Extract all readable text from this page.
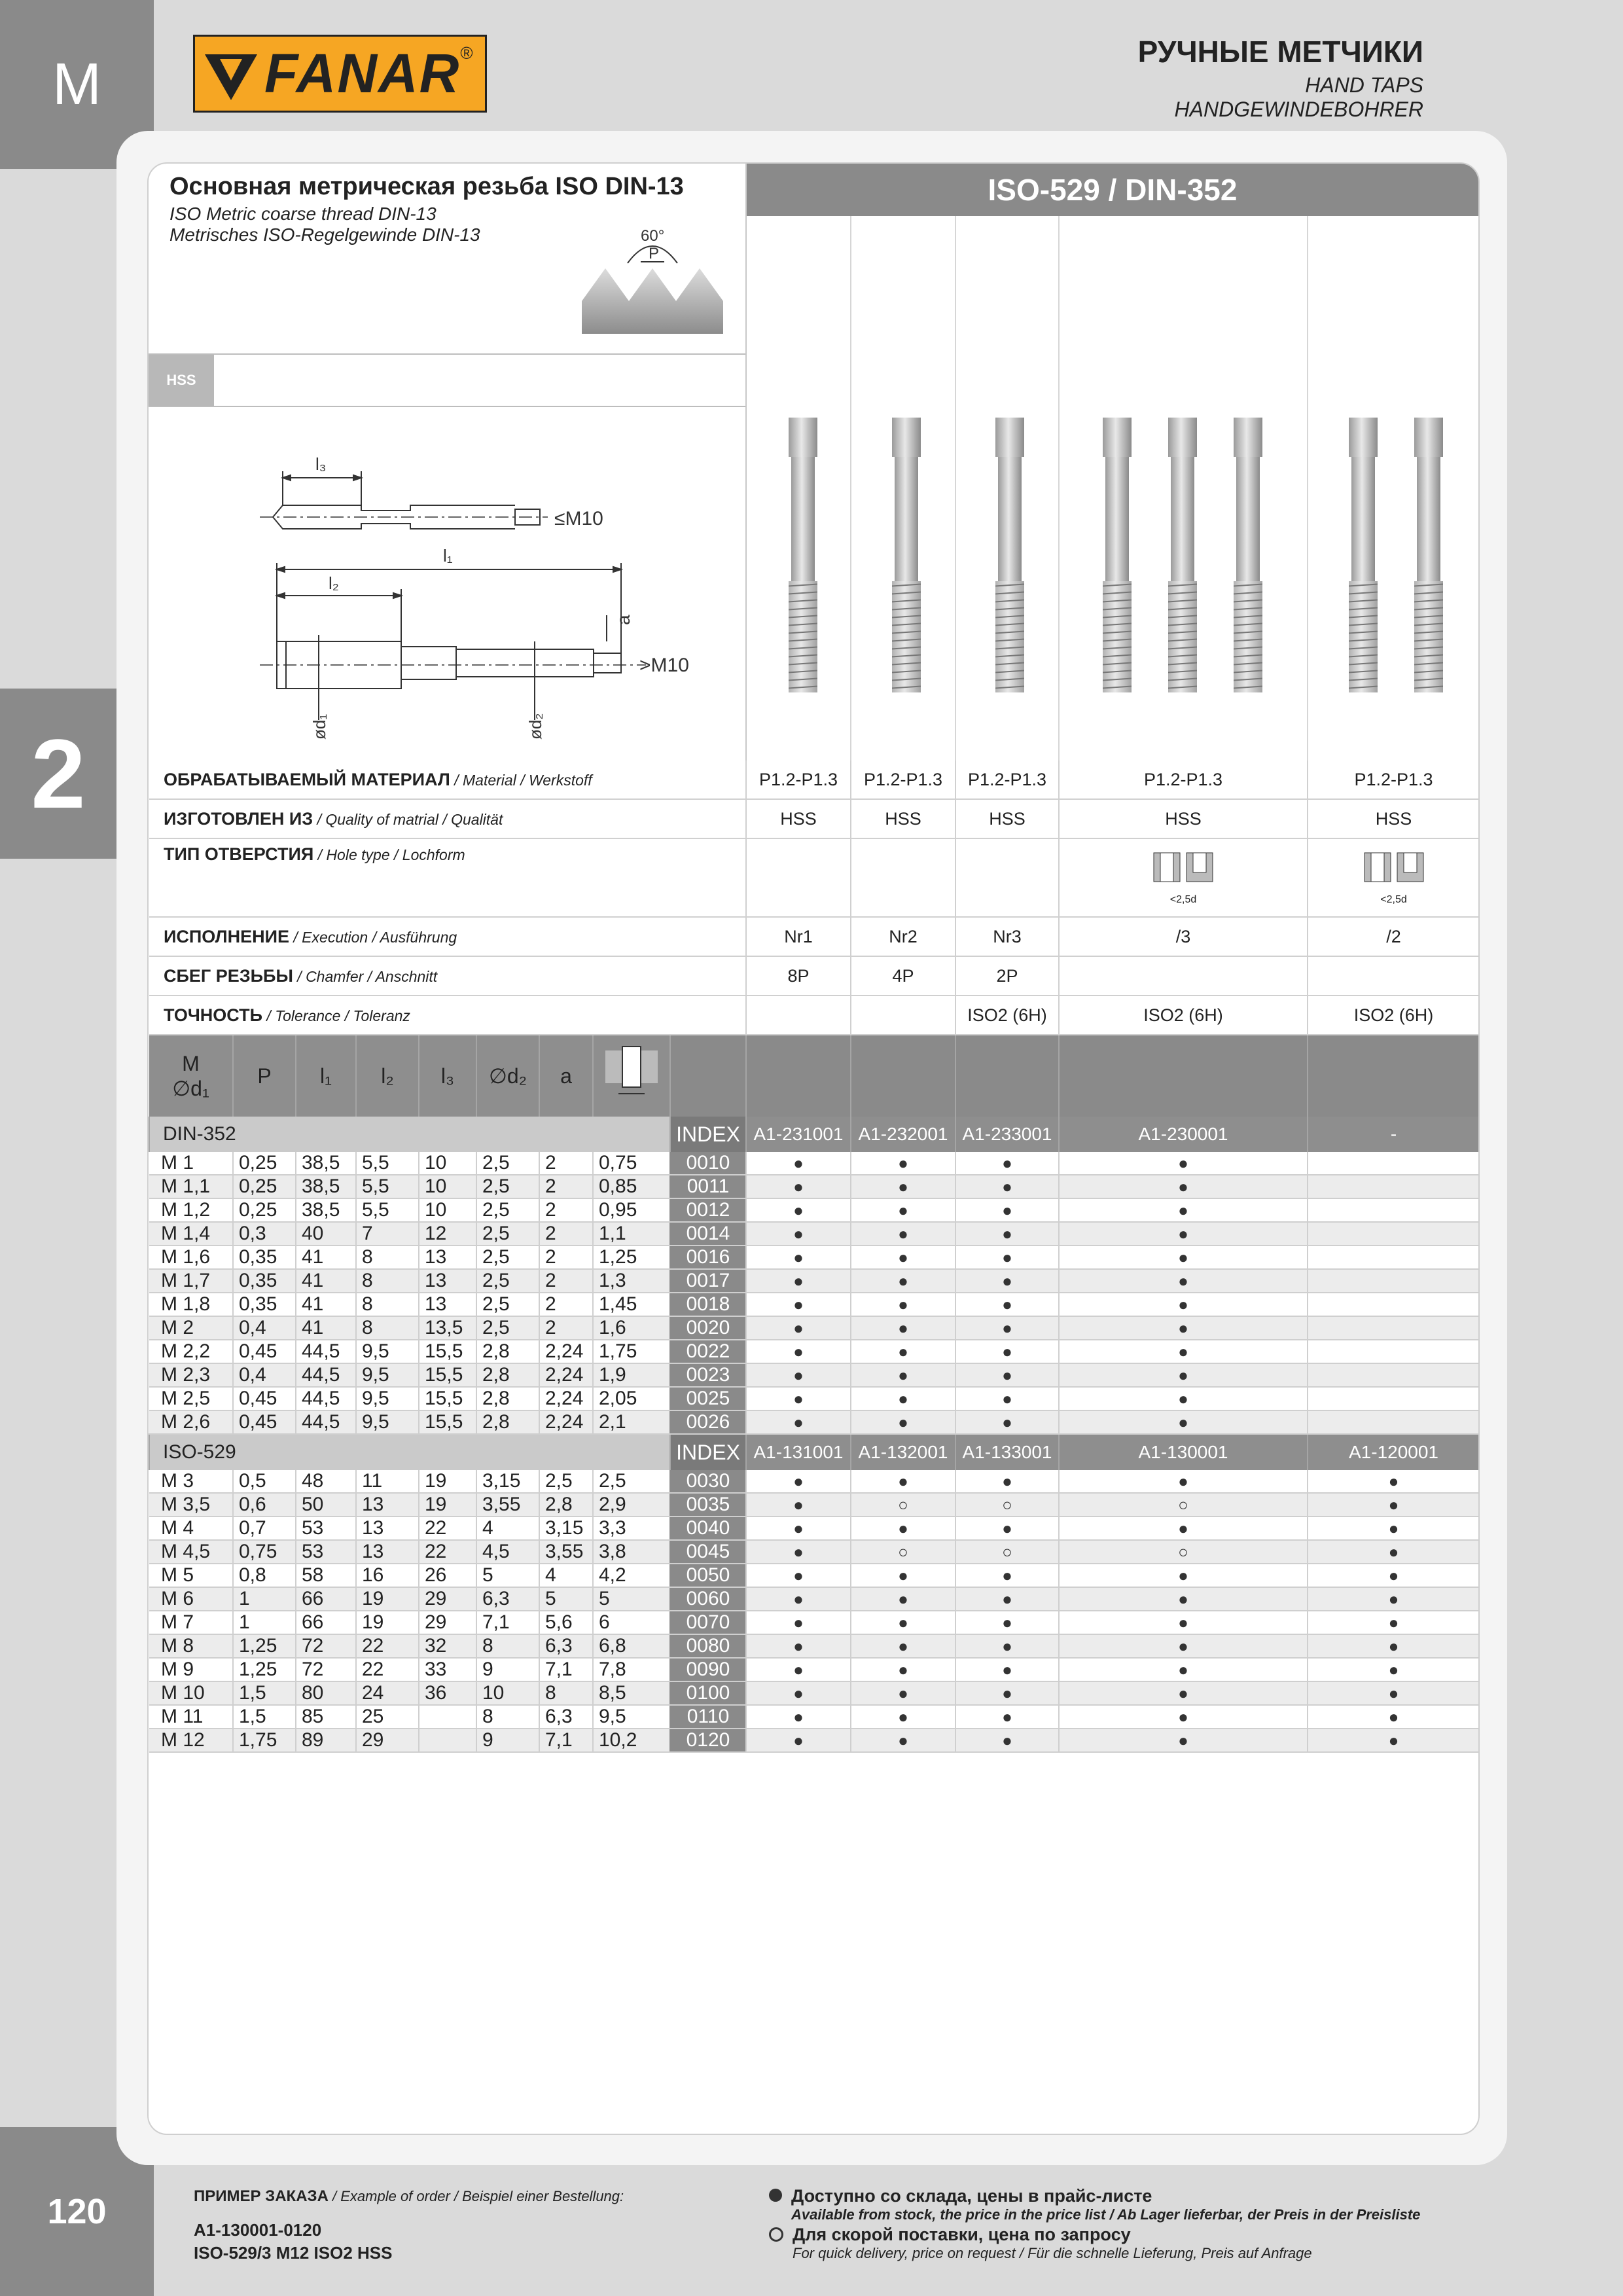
M
2
120
FANAR ®	РУЧНЫЕ МЕТЧИКИ
HAND TAPS
HANDGEWINDEBOHRER
Основная метрическая резьба ISO DIN-13
ISO Metric coarse thread DIN-13
Metrisches ISO-Regelgewinde DIN-13	60°
P
ISO-529 / DIN-352
HSS
l₃
≤M10
l₁
l₂
a
ød₁	ød₂
>M10
ОБРАБАТЫВАЕМЫЙ МАТЕРИАЛ / Material / Werkstoff									P1.2-P1.3	P1.2-P1.3	P1.2-P1.3	P1.2-P1.3	P1.2-P1.3
ИЗГОТОВЛЕН ИЗ / Quality of matrial / Qualität									HSS	HSS	HSS	HSS	HSS
ТИП ОТВЕРСТИЯ / Hole type / Lochform												<2,5d	<2,5d

ИСПОЛНЕНИЕ / Execution / Ausführung									Nr1	Nr2	Nr3	/3	/2
СБЕГ РЕЗЬБЫ / Chamfer / Anschnitt									8P	4P	2P		
ТОЧНОСТЬ / Tolerance / Toleranz											ISO2 (6H)	ISO2 (6H)	ISO2 (6H)
M
∅d₁	P	l₁	l₂	l₃	∅d₂	a							
DIN-352								INDEX	A1-231001	A1-232001	A1-233001	A1-230001	-
M 1	0,25	38,5	5,5	10	2,5	2	0,75	0010	●	●	●	●	
M 1,1	0,25	38,5	5,5	10	2,5	2	0,85	0011	●	●	●	●	
M 1,2	0,25	38,5	5,5	10	2,5	2	0,95	0012	●	●	●	●	
M 1,4	0,3	40	7	12	2,5	2	1,1	0014	●	●	●	●	
M 1,6	0,35	41	8	13	2,5	2	1,25	0016	●	●	●	●	
M 1,7	0,35	41	8	13	2,5	2	1,3	0017	●	●	●	●	
M 1,8	0,35	41	8	13	2,5	2	1,45	0018	●	●	●	●	
M 2	0,4	41	8	13,5	2,5	2	1,6	0020	●	●	●	●	
M 2,2	0,45	44,5	9,5	15,5	2,8	2,24	1,75	0022	●	●	●	●	
M 2,3	0,4	44,5	9,5	15,5	2,8	2,24	1,9	0023	●	●	●	●	
M 2,5	0,45	44,5	9,5	15,5	2,8	2,24	2,05	0025	●	●	●	●	
M 2,6	0,45	44,5	9,5	15,5	2,8	2,24	2,1	0026	●	●	●	●	
ISO-529								INDEX	A1-131001	A1-132001	A1-133001	A1-130001	A1-120001
M 3	0,5	48	11	19	3,15	2,5	2,5	0030	●	●	●	●	●
M 3,5	0,6	50	13	19	3,55	2,8	2,9	0035	●	○	○	○	●
M 4	0,7	53	13	22	4	3,15	3,3	0040	●	●	●	●	●
M 4,5	0,75	53	13	22	4,5	3,55	3,8	0045	●	○	○	○	●
M 5	0,8	58	16	26	5	4	4,2	0050	●	●	●	●	●
M 6	1	66	19	29	6,3	5	5	0060	●	●	●	●	●
M 7	1	66	19	29	7,1	5,6	6	0070	●	●	●	●	●
M 8	1,25	72	22	32	8	6,3	6,8	0080	●	●	●	●	●
M 9	1,25	72	22	33	9	7,1	7,8	0090	●	●	●	●	●
M 10	1,5	80	24	36	10	8	8,5	0100	●	●	●	●	●
M 11	1,5	85	25		8	6,3	9,5	0110	●	●	●	●	●
M 12	1,75	89	29		9	7,1	10,2	0120	●	●	●	●	●
ПРИМЕР ЗАКАЗА / Example of order / Beispiel einer Bestellung:
A1-130001-0120
ISO-529/3 M12 ISO2 HSS
Доступно со склада, цены в прайс-листе
Available from stock, the price in the price list / Ab Lager lieferbar, der Preis in der Preisliste
Для скорой поставки, цена по запросу
For quick delivery, price on request / Für die schnelle Lieferung, Preis auf Anfrage
